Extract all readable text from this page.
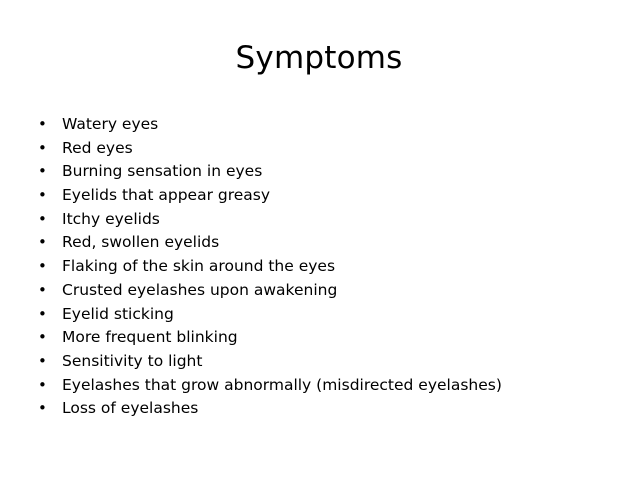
Symptoms
• Watery eyes
• Red eyes
• Burning sensation in eyes
• Eyelids that appear greasy
• Itchy eyelids
• Red, swollen eyelids
• Flaking of the skin around the eyes
• Crusted eyelashes upon awakening
• Eyelid sticking
• More frequent blinking
• Sensitivity to light
• Eyelashes that grow abnormally (misdirected eyelashes)
• Loss of eyelashes
